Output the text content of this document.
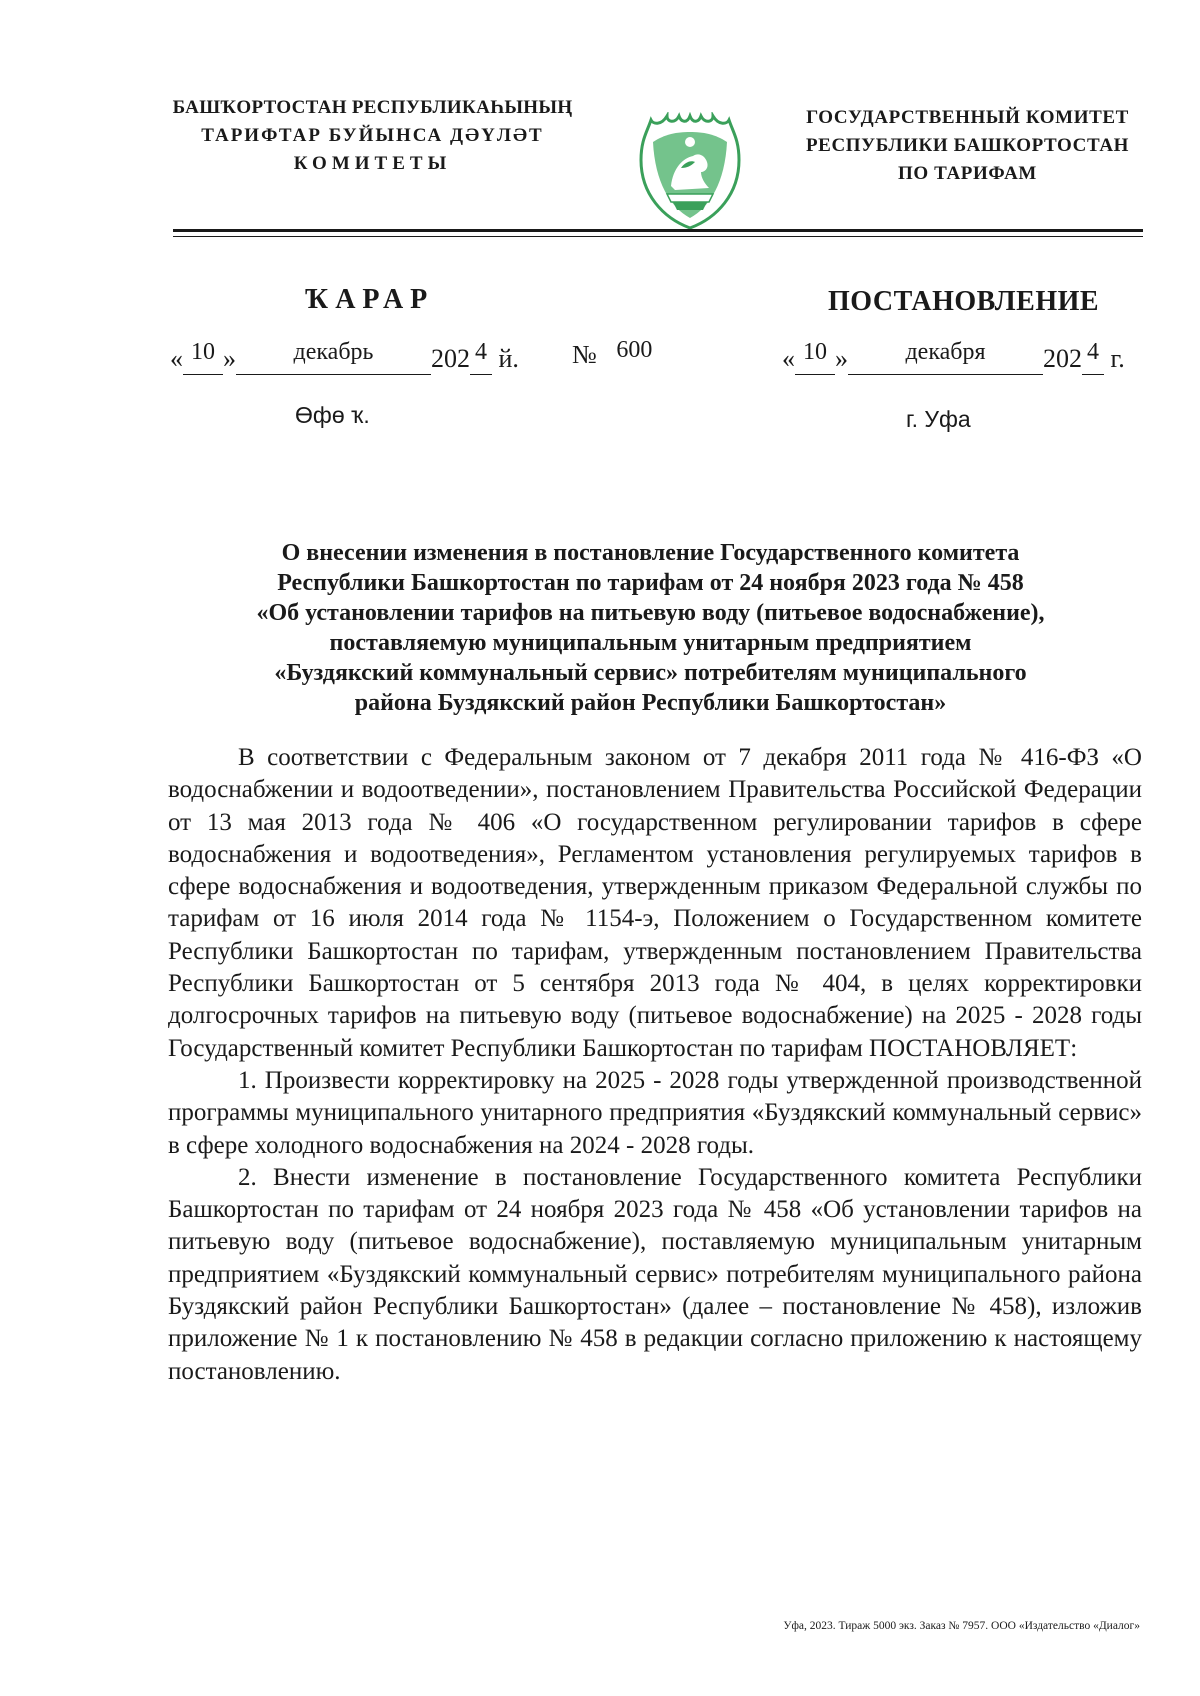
БАШҠОРТОСТАН РЕСПУБЛИКАҺЫНЫҢ
ТАРИФТАР БУЙЫНСА ДӘҮЛӘТ
КОМИТЕТЫ
ГОСУДАРСТВЕННЫЙ КОМИТЕТ
РЕСПУБЛИКИ БАШКОРТОСТАН
ПО ТАРИФАМ
ҠАРАР	ПОСТАНОВЛЕНИЕ
« 10 » декабрь 202 4 й. № 600	« 10 » декабря 202 4 г.
Өфө ҡ.	г. Уфа
О внесении изменения в постановление Государственного комитета
Республики Башкортостан по тарифам от 24 ноября 2023 года № 458
«Об установлении тарифов на питьевую воду (питьевое водоснабжение),
поставляемую муниципальным унитарным предприятием
«Буздякский коммунальный сервис» потребителям муниципального
района Буздякский район Республики Башкортостан»

В соответствии с Федеральным законом от 7 декабря 2011 года № 416-ФЗ «О водоснабжении и водоотведении», постановлением Правительства Российской Федерации от 13 мая 2013 года № 406 «О государственном регулировании тарифов в сфере водоснабжения и водоотведения», Регламентом установления регулируемых тарифов в сфере водоснабжения и водоотведения, утвержденным приказом Федеральной службы по тарифам от 16 июля 2014 года № 1154-э, Положением о Государственном комитете Республики Башкортостан по тарифам, утвержденным постановлением Правительства Республики Башкортостан от 5 сентября 2013 года № 404, в целях корректировки долгосрочных тарифов на питьевую воду (питьевое водоснабжение) на 2025 - 2028 годы Государственный комитет Республики Башкортостан по тарифам ПОСТАНОВЛЯЕТ:

1. Произвести корректировку на 2025 - 2028 годы утвержденной производственной программы муниципального унитарного предприятия «Буздякский коммунальный сервис» в сфере холодного водоснабжения на 2024 - 2028 годы.

2. Внести изменение в постановление Государственного комитета Республики Башкортостан по тарифам от 24 ноября 2023 года № 458 «Об установлении тарифов на питьевую воду (питьевое водоснабжение), поставляемую муниципальным унитарным предприятием «Буздякский коммунальный сервис» потребителям муниципального района Буздякский район Республики Башкортостан» (далее – постановление № 458), изложив приложение № 1 к постановлению № 458 в редакции согласно приложению к настоящему постановлению.

Уфа, 2023. Тираж 5000 экз. Заказ № 7957. ООО «Издательство «Диалог»
